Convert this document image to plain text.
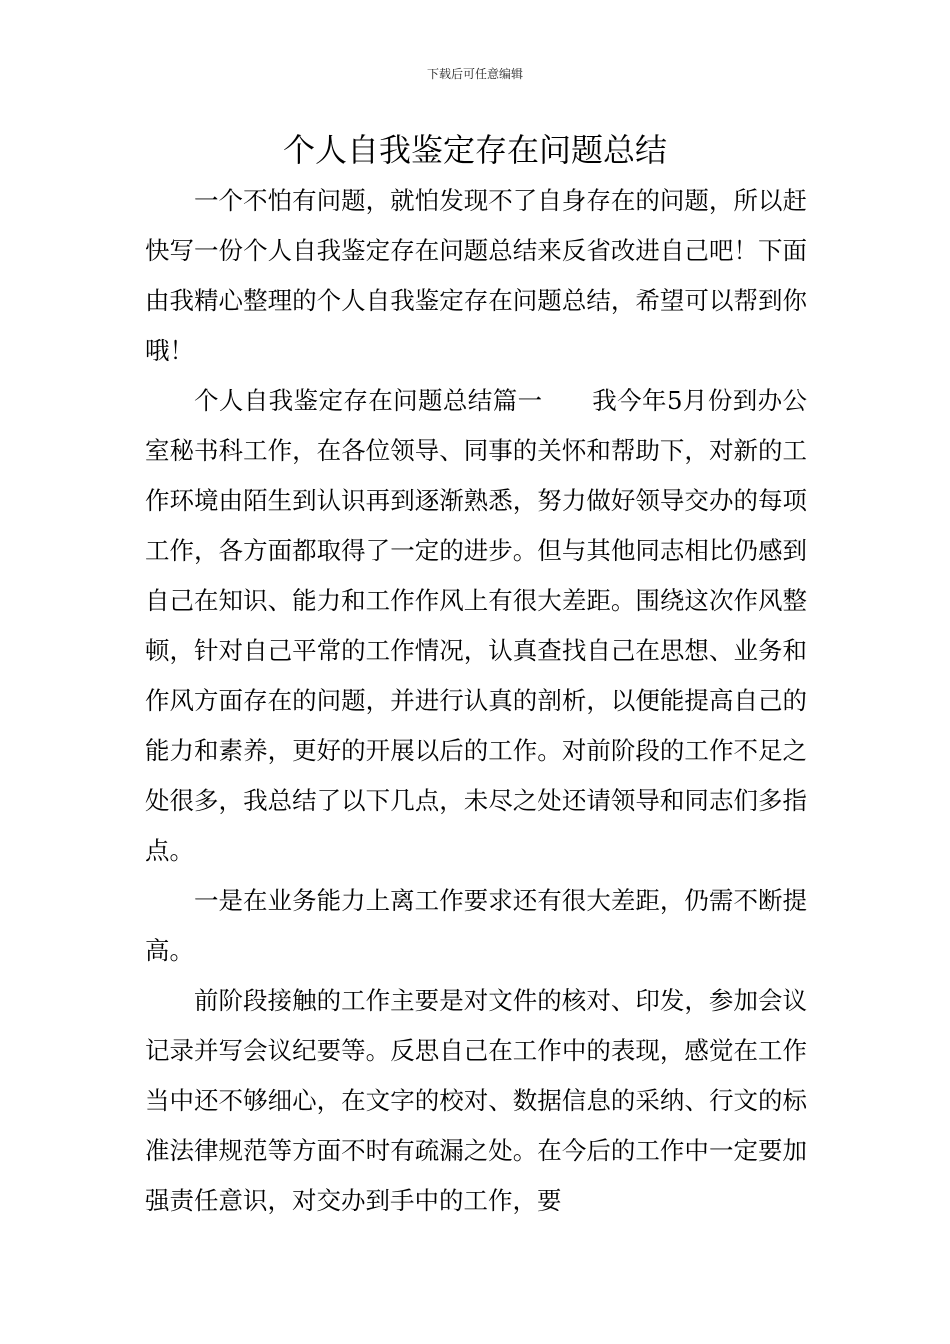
下载后可任意编辑
个人自我鉴定存在问题总结

一个不怕有问题，就怕发现不了自身存在的问题，所以赶快写一份个人自我鉴定存在问题总结来反省改进自己吧！下面由我精心整理的个人自我鉴定存在问题总结，希望可以帮到你哦！

个人自我鉴定存在问题总结篇一　　我今年5月份到办公室秘书科工作，在各位领导、同事的关怀和帮助下，对新的工作环境由陌生到认识再到逐渐熟悉，努力做好领导交办的每项工作，各方面都取得了一定的进步。但与其他同志相比仍感到自己在知识、能力和工作作风上有很大差距。围绕这次作风整顿，针对自己平常的工作情况，认真查找自己在思想、业务和作风方面存在的问题，并进行认真的剖析，以便能提高自己的能力和素养，更好的开展以后的工作。对前阶段的工作不足之处很多，我总结了以下几点，未尽之处还请领导和同志们多指点。

一是在业务能力上离工作要求还有很大差距，仍需不断提高。

前阶段接触的工作主要是对文件的核对、印发，参加会议记录并写会议纪要等。反思自己在工作中的表现，感觉在工作当中还不够细心，在文字的校对、数据信息的采纳、行文的标准法律规范等方面不时有疏漏之处。在今后的工作中一定要加强责任意识，对交办到手中的工作，要
